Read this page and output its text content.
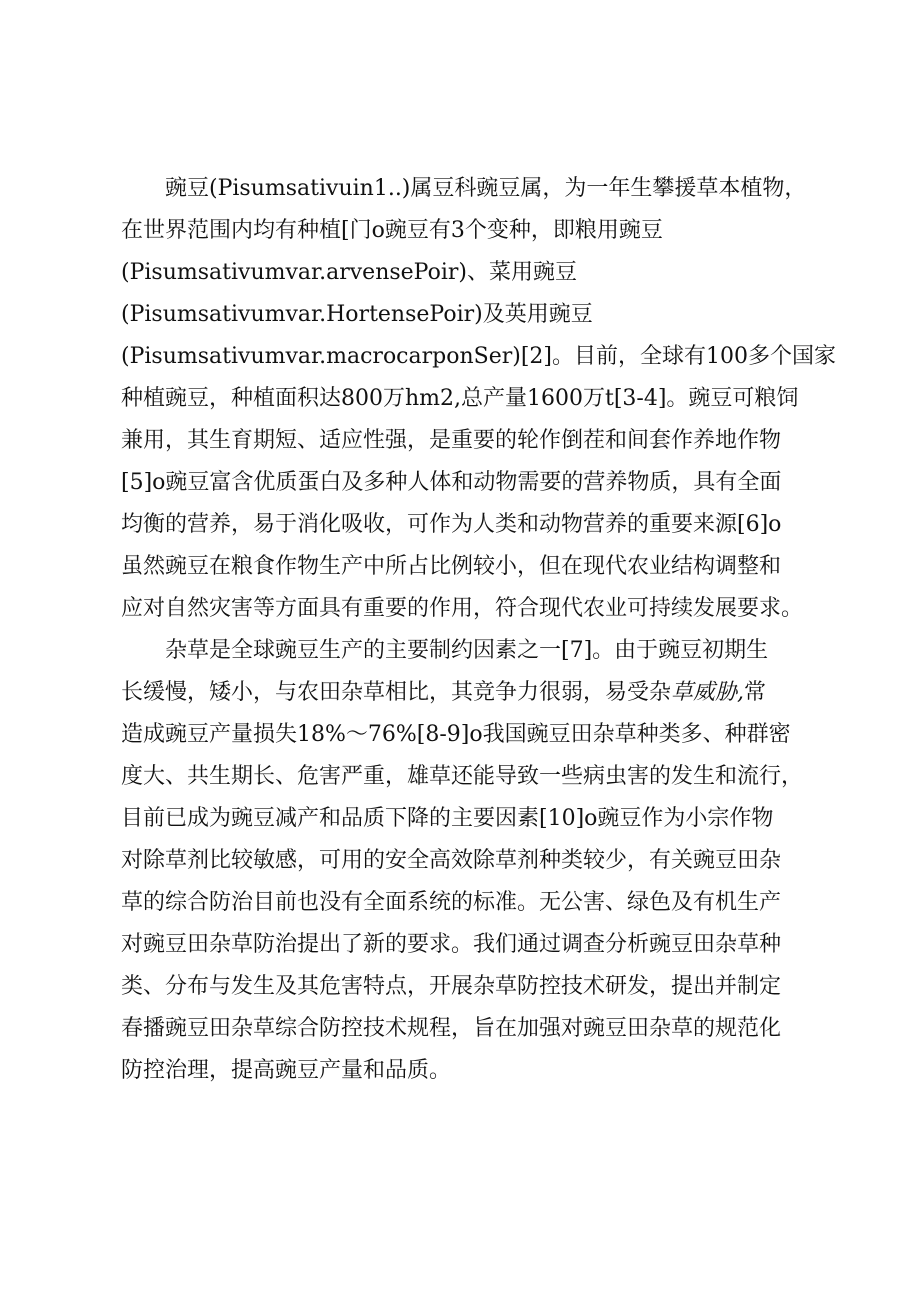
豌豆(Pisumsativuin1..)属豆科豌豆属，为一年生攀援草本植物，
在世界范围内均有种植[门o豌豆有3个变种，即粮用豌豆
(Pisumsativumvar.arvensePoir)、菜用豌豆
(Pisumsativumvar.HortensePoir)及英用豌豆
(Pisumsativumvar.macrocarponSer)[2]。目前，全球有100多个国家
种植豌豆，种植面积达800万hm2,总产量1600万t[3-4]。豌豆可粮饲
兼用，其生育期短、适应性强，是重要的轮作倒茬和间套作养地作物
[5]o豌豆富含优质蛋白及多种人体和动物需要的营养物质，具有全面
均衡的营养，易于消化吸收，可作为人类和动物营养的重要来源[6]o
虽然豌豆在粮食作物生产中所占比例较小，但在现代农业结构调整和
应对自然灾害等方面具有重要的作用，符合现代农业可持续发展要求。
杂草是全球豌豆生产的主要制约因素之一[7]。由于豌豆初期生
长缓慢，矮小，与农田杂草相比，其竞争力很弱，易受杂草威胁,常
造成豌豆产量损失18%～76%[8-9]o我国豌豆田杂草种类多、种群密
度大、共生期长、危害严重，雄草还能导致一些病虫害的发生和流行，
目前已成为豌豆减产和品质下降的主要因素[10]o豌豆作为小宗作物
对除草剂比较敏感，可用的安全高效除草剂种类较少，有关豌豆田杂
草的综合防治目前也没有全面系统的标准。无公害、绿色及有机生产
对豌豆田杂草防治提出了新的要求。我们通过调查分析豌豆田杂草种
类、分布与发生及其危害特点，开展杂草防控技术研发，提出并制定
春播豌豆田杂草综合防控技术规程，旨在加强对豌豆田杂草的规范化
防控治理，提高豌豆产量和品质。
